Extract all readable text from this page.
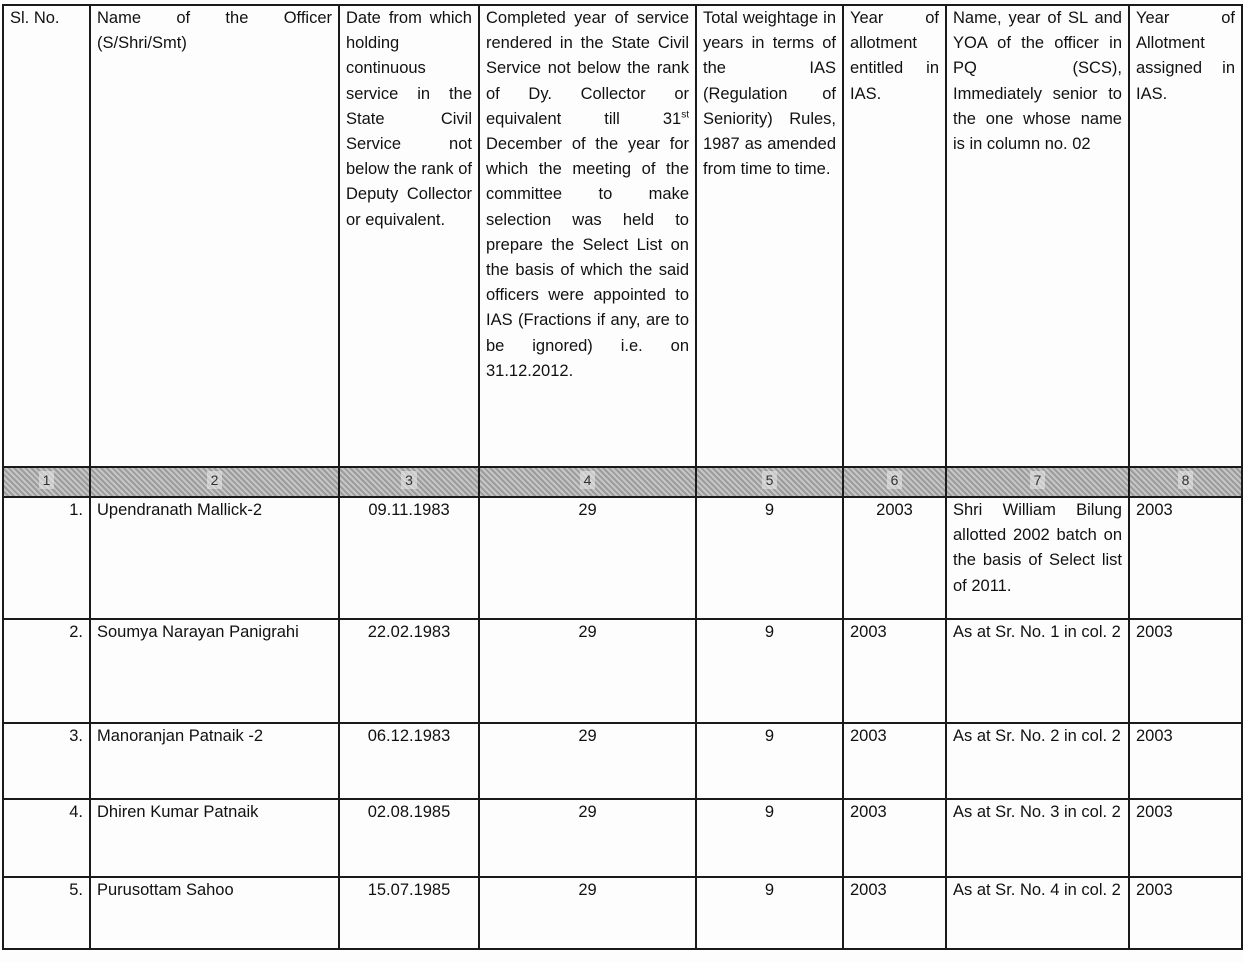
Sl. No.	Name of the Officer (S/Shri/Smt)	Date from which holding continuous service in the State Civil Service not below the rank of Deputy Collector or equivalent.	Completed year of service rendered in the State Civil Service not below the rank of Dy. Collector or equivalent till 31st December of the year for which the meeting of the committee to make selection was held to prepare the Select List on the basis of which the said officers were appointed to IAS (Fractions if any, are to be ignored) i.e. on 31.12.2012.	Total weightage in years in terms of the IAS (Regulation of Seniority) Rules, 1987 as amended from time to time.	Year of allotment entitled in IAS.	Name, year of SL and YOA of the officer in PQ (SCS), Immediately senior to the one whose name is in column no. 02	Year of Allotment assigned in IAS.
1	2	3	4	5	6	7	8
1.	Upendranath Mallick-2	09.11.1983	29	9	2003	Shri William Bilung allotted 2002 batch on the basis of Select list of 2011.	2003
2.	Soumya Narayan Panigrahi	22.02.1983	29	9	2003	As at Sr. No. 1 in col. 2	2003
3.	Manoranjan Patnaik -2	06.12.1983	29	9	2003	As at Sr. No. 2 in col. 2	2003
4.	Dhiren Kumar Patnaik	02.08.1985	29	9	2003	As at Sr. No. 3 in col. 2	2003
5.	Purusottam Sahoo	15.07.1985	29	9	2003	As at Sr. No. 4 in col. 2	2003
